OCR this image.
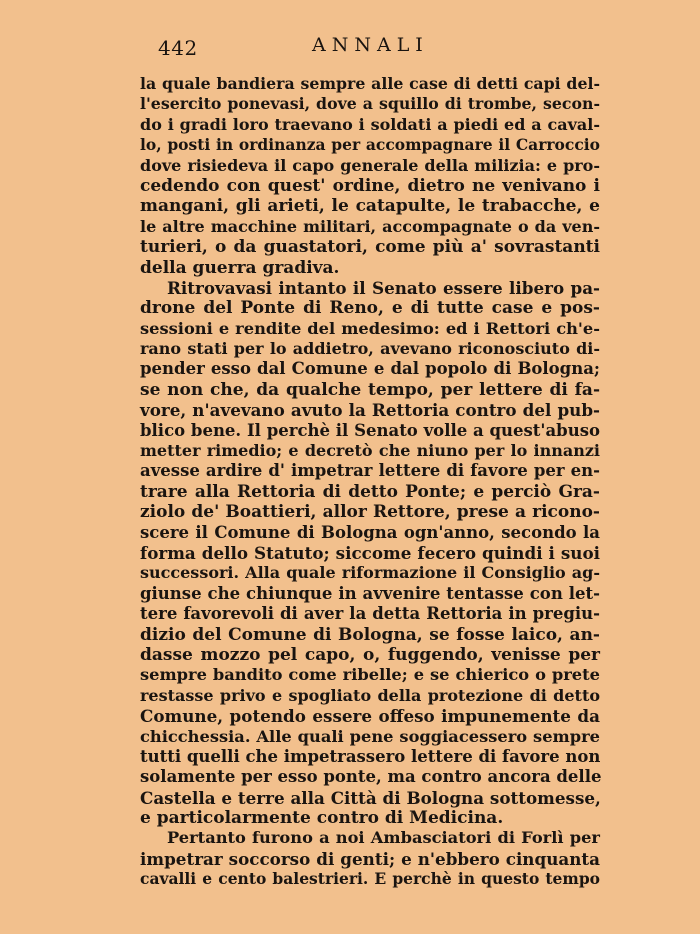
442	ANNALI
la quale bandiera sempre alle case di detti capi del-
l'esercito ponevasi, dove a squillo di trombe, secon-
do i gradi loro traevano i soldati a piedi ed a caval-
lo, posti in ordinanza per accompagnare il Carroccio
dove risiedeva il capo generale della milizia: e pro-
cedendo con quest' ordine, dietro ne venivano i
mangani, gli arieti, le catapulte, le trabacche, e
le altre macchine militari, accompagnate o da ven-
turieri, o da guastatori, come più a' sovrastanti
della guerra gradiva.
Ritrovavasi intanto il Senato essere libero pa-
drone del Ponte di Reno, e di tutte case e pos-
sessioni e rendite del medesimo: ed i Rettori ch'e-
rano stati per lo addietro, avevano riconosciuto di-
pender esso dal Comune e dal popolo di Bologna;
se non che, da qualche tempo, per lettere di fa-
vore, n'avevano avuto la Rettoria contro del pub-
blico bene. Il perchè il Senato volle a quest'abuso
metter rimedio; e decretò che niuno per lo innanzi
avesse ardire d' impetrar lettere di favore per en-
trare alla Rettoria di detto Ponte; e perciò Gra-
ziolo de' Boattieri, allor Rettore, prese a ricono-
scere il Comune di Bologna ogn'anno, secondo la
forma dello Statuto; siccome fecero quindi i suoi
successori. Alla quale riformazione il Consiglio ag-
giunse che chiunque in avvenire tentasse con let-
tere favorevoli di aver la detta Rettoria in pregiu-
dizio del Comune di Bologna, se fosse laico, an-
dasse mozzo pel capo, o, fuggendo, venisse per
sempre bandito come ribelle; e se chierico o prete
restasse privo e spogliato della protezione di detto
Comune, potendo essere offeso impunemente da
chicchessia. Alle quali pene soggiacessero sempre
tutti quelli che impetrassero lettere di favore non
solamente per esso ponte, ma contro ancora delle
Castella e terre alla Città di Bologna sottomesse,
e particolarmente contro di Medicina.
Pertanto furono a noi Ambasciatori di Forlì per
impetrar soccorso di genti; e n'ebbero cinquanta
cavalli e cento balestrieri. E perchè in questo tempo
